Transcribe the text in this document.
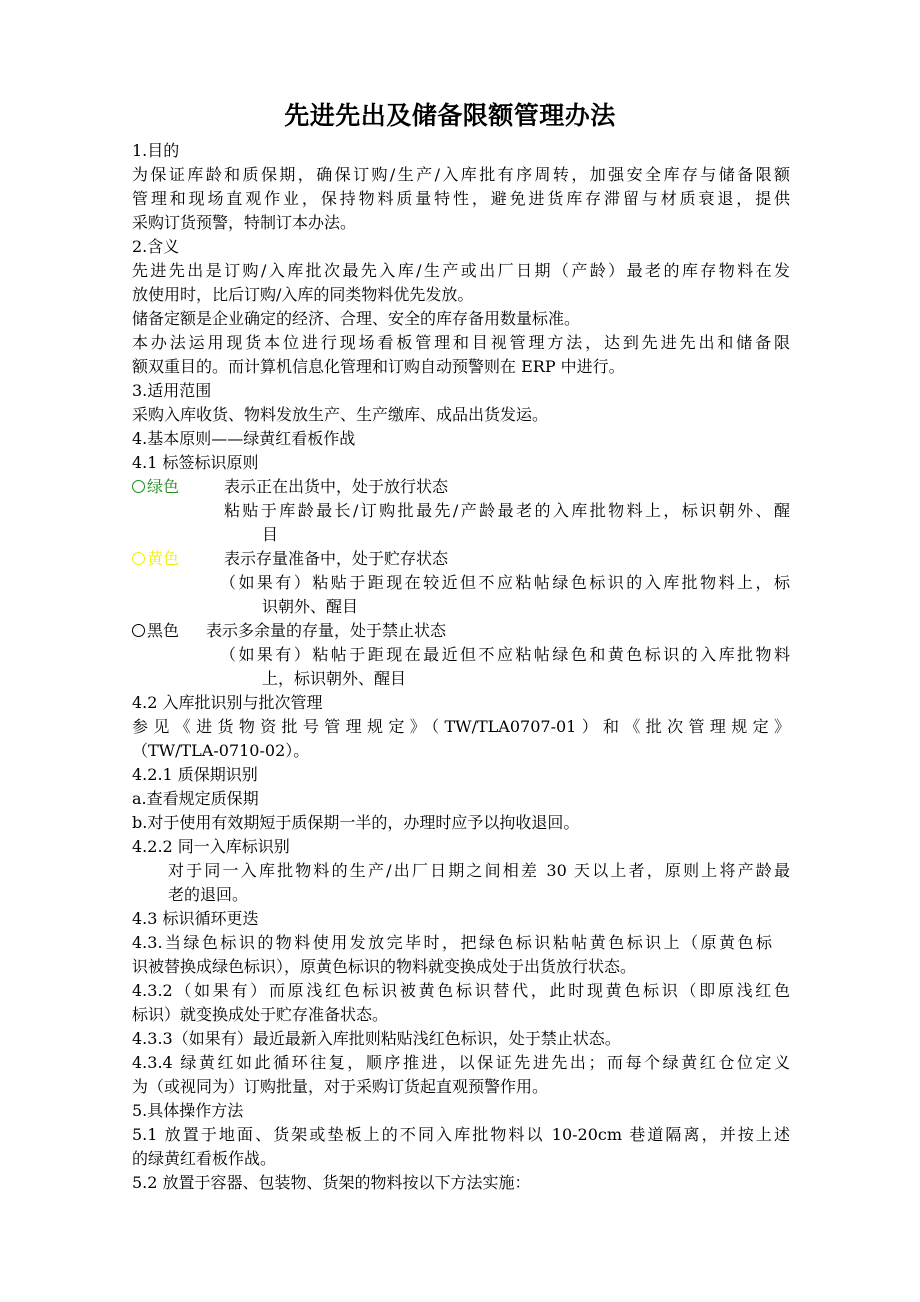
先进先出及储备限额管理办法
1.目的
为保证库龄和质保期，确保订购/生产/入库批有序周转，加强安全库存与储备限额
管理和现场直观作业，保持物料质量特性，避免进货库存滞留与材质衰退，提供
采购订货预警，特制订本办法。
2.含义
先进先出是订购/入库批次最先入库/生产或出厂日期（产龄）最老的库存物料在发
放使用时，比后订购/入库的同类物料优先发放。
储备定额是企业确定的经济、合理、安全的库存备用数量标准。
本办法运用现货本位进行现场看板管理和目视管理方法，达到先进先出和储备限
额双重目的。而计算机信息化管理和订购自动预警则在 ERP 中进行。
3.适用范围
采购入库收货、物料发放生产、生产缴库、成品出货发运。
4.基本原则——绿黄红看板作战
4.1 标签标识原则
绿色	表示正在出货中，处于放行状态
粘贴于库龄最长/订购批最先/产龄最老的入库批物料上，标识朝外、醒
目
黄色	表示存量准备中，处于贮存状态
（如果有）粘贴于距现在较近但不应粘帖绿色标识的入库批物料上，标
识朝外、醒目
黑色 表示多余量的存量，处于禁止状态
（如果有）粘帖于距现在最近但不应粘帖绿色和黄色标识的入库批物料
上，标识朝外、醒目
4.2 入库批识别与批次管理
参见《进货物资批号管理规定》（TW/TLA0707-01）和《批次管理规定》
（TW/TLA-0710-02）。
4.2.1 质保期识别
a.查看规定质保期
b.对于使用有效期短于质保期一半的，办理时应予以拘收退回。
4.2.2 同一入库标识别
对于同一入库批物料的生产/出厂日期之间相差 30 天以上者，原则上将产龄最
老的退回。
4.3 标识循环更迭
4.3.当绿色标识的物料使用发放完毕时，把绿色标识粘帖黄色标识上（原黄色标
识被替换成绿色标识），原黄色标识的物料就变换成处于出货放行状态。
4.3.2（如果有）而原浅红色标识被黄色标识替代，此时现黄色标识（即原浅红色
标识）就变换成处于贮存准备状态。
4.3.3（如果有）最近最新入库批则粘贴浅红色标识，处于禁止状态。
4.3.4 绿黄红如此循环往复，顺序推进，以保证先进先出；而每个绿黄红仓位定义
为（或视同为）订购批量，对于采购订货起直观预警作用。
5.具体操作方法
5.1 放置于地面、货架或垫板上的不同入库批物料以 10-20cm 巷道隔离，并按上述
的绿黄红看板作战。
5.2 放置于容器、包装物、货架的物料按以下方法实施：
